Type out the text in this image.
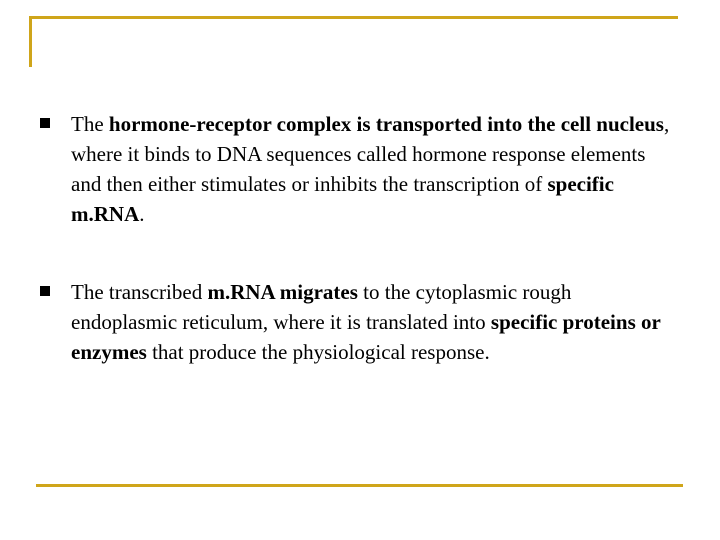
The hormone-receptor complex is transported into the cell nucleus, where it binds to DNA sequences called hormone response elements and then either stimulates or inhibits the transcription of specific m.RNA.
The transcribed m.RNA migrates to the cytoplasmic rough endoplasmic reticulum, where it is translated into specific proteins or enzymes that produce the physiological response.
